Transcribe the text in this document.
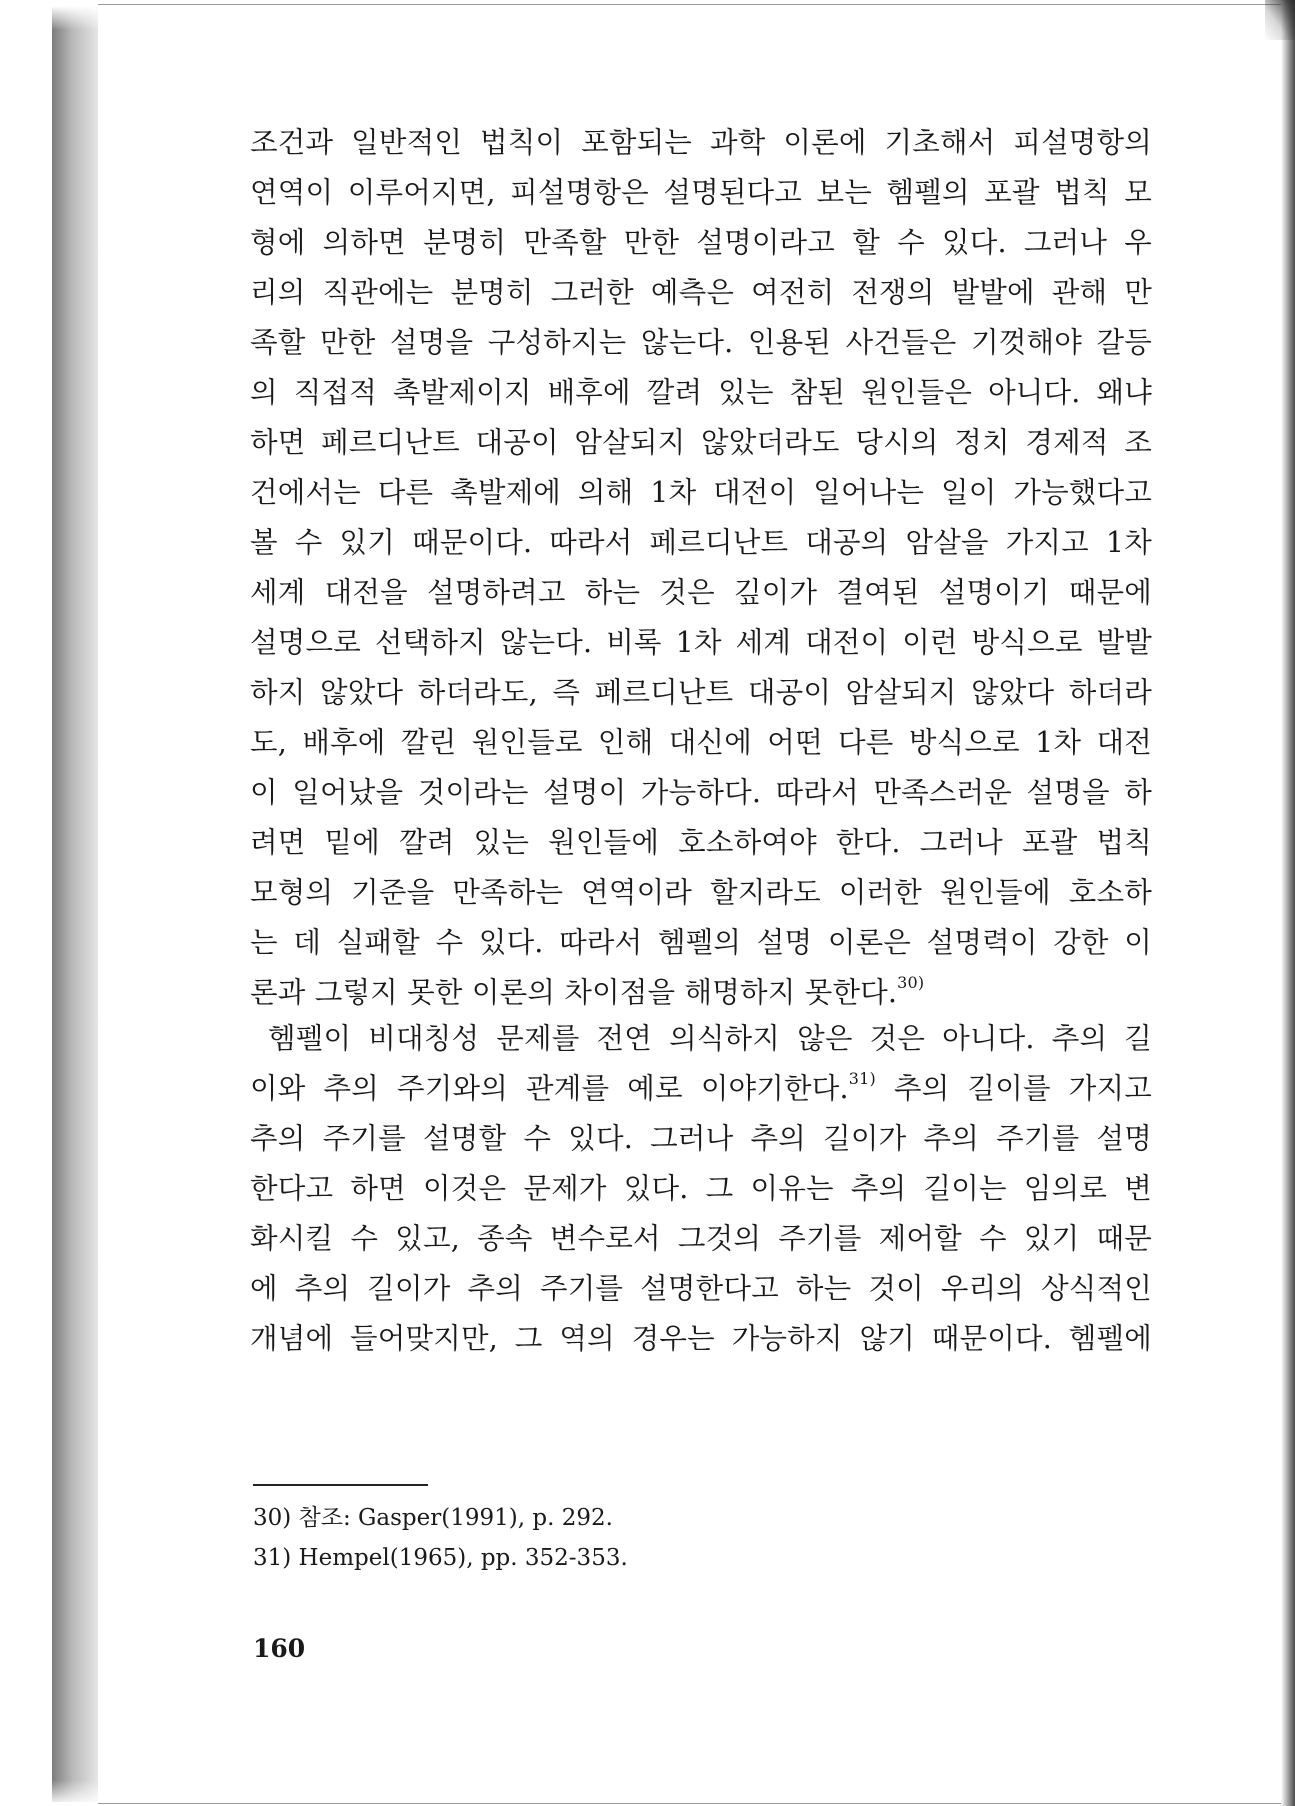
조건과 일반적인 법칙이 포함되는 과학 이론에 기초해서 피설명항의
연역이 이루어지면, 피설명항은 설명된다고 보는 헴펠의 포괄 법칙 모
형에 의하면 분명히 만족할 만한 설명이라고 할 수 있다. 그러나 우
리의 직관에는 분명히 그러한 예측은 여전히 전쟁의 발발에 관해 만
족할 만한 설명을 구성하지는 않는다. 인용된 사건들은 기껏해야 갈등
의 직접적 촉발제이지 배후에 깔려 있는 참된 원인들은 아니다. 왜냐
하면 페르디난트 대공이 암살되지 않았더라도 당시의 정치 경제적 조
건에서는 다른 촉발제에 의해 1차 대전이 일어나는 일이 가능했다고
볼 수 있기 때문이다. 따라서 페르디난트 대공의 암살을 가지고 1차
세계 대전을 설명하려고 하는 것은 깊이가 결여된 설명이기 때문에
설명으로 선택하지 않는다. 비록 1차 세계 대전이 이런 방식으로 발발
하지 않았다 하더라도, 즉 페르디난트 대공이 암살되지 않았다 하더라
도, 배후에 깔린 원인들로 인해 대신에 어떤 다른 방식으로 1차 대전
이 일어났을 것이라는 설명이 가능하다. 따라서 만족스러운 설명을 하
려면 밑에 깔려 있는 원인들에 호소하여야 한다. 그러나 포괄 법칙
모형의 기준을 만족하는 연역이라 할지라도 이러한 원인들에 호소하
는 데 실패할 수 있다. 따라서 헴펠의 설명 이론은 설명력이 강한 이
론과 그렇지 못한 이론의 차이점을 해명하지 못한다.$^{30)}$
헴펠이 비대칭성 문제를 전연 의식하지 않은 것은 아니다. 추의 길
이와 추의 주기와의 관계를 예로 이야기한다.$^{31)}$ 추의 길이를 가지고
추의 주기를 설명할 수 있다. 그러나 추의 길이가 추의 주기를 설명
한다고 하면 이것은 문제가 있다. 그 이유는 추의 길이는 임의로 변
화시킬 수 있고, 종속 변수로서 그것의 주기를 제어할 수 있기 때문
에 추의 길이가 추의 주기를 설명한다고 하는 것이 우리의 상식적인
개념에 들어맞지만, 그 역의 경우는 가능하지 않기 때문이다. 헴펠에
30) 참조: Gasper(1991), p. 292.
31) Hempel(1965), pp. 352-353.
160
